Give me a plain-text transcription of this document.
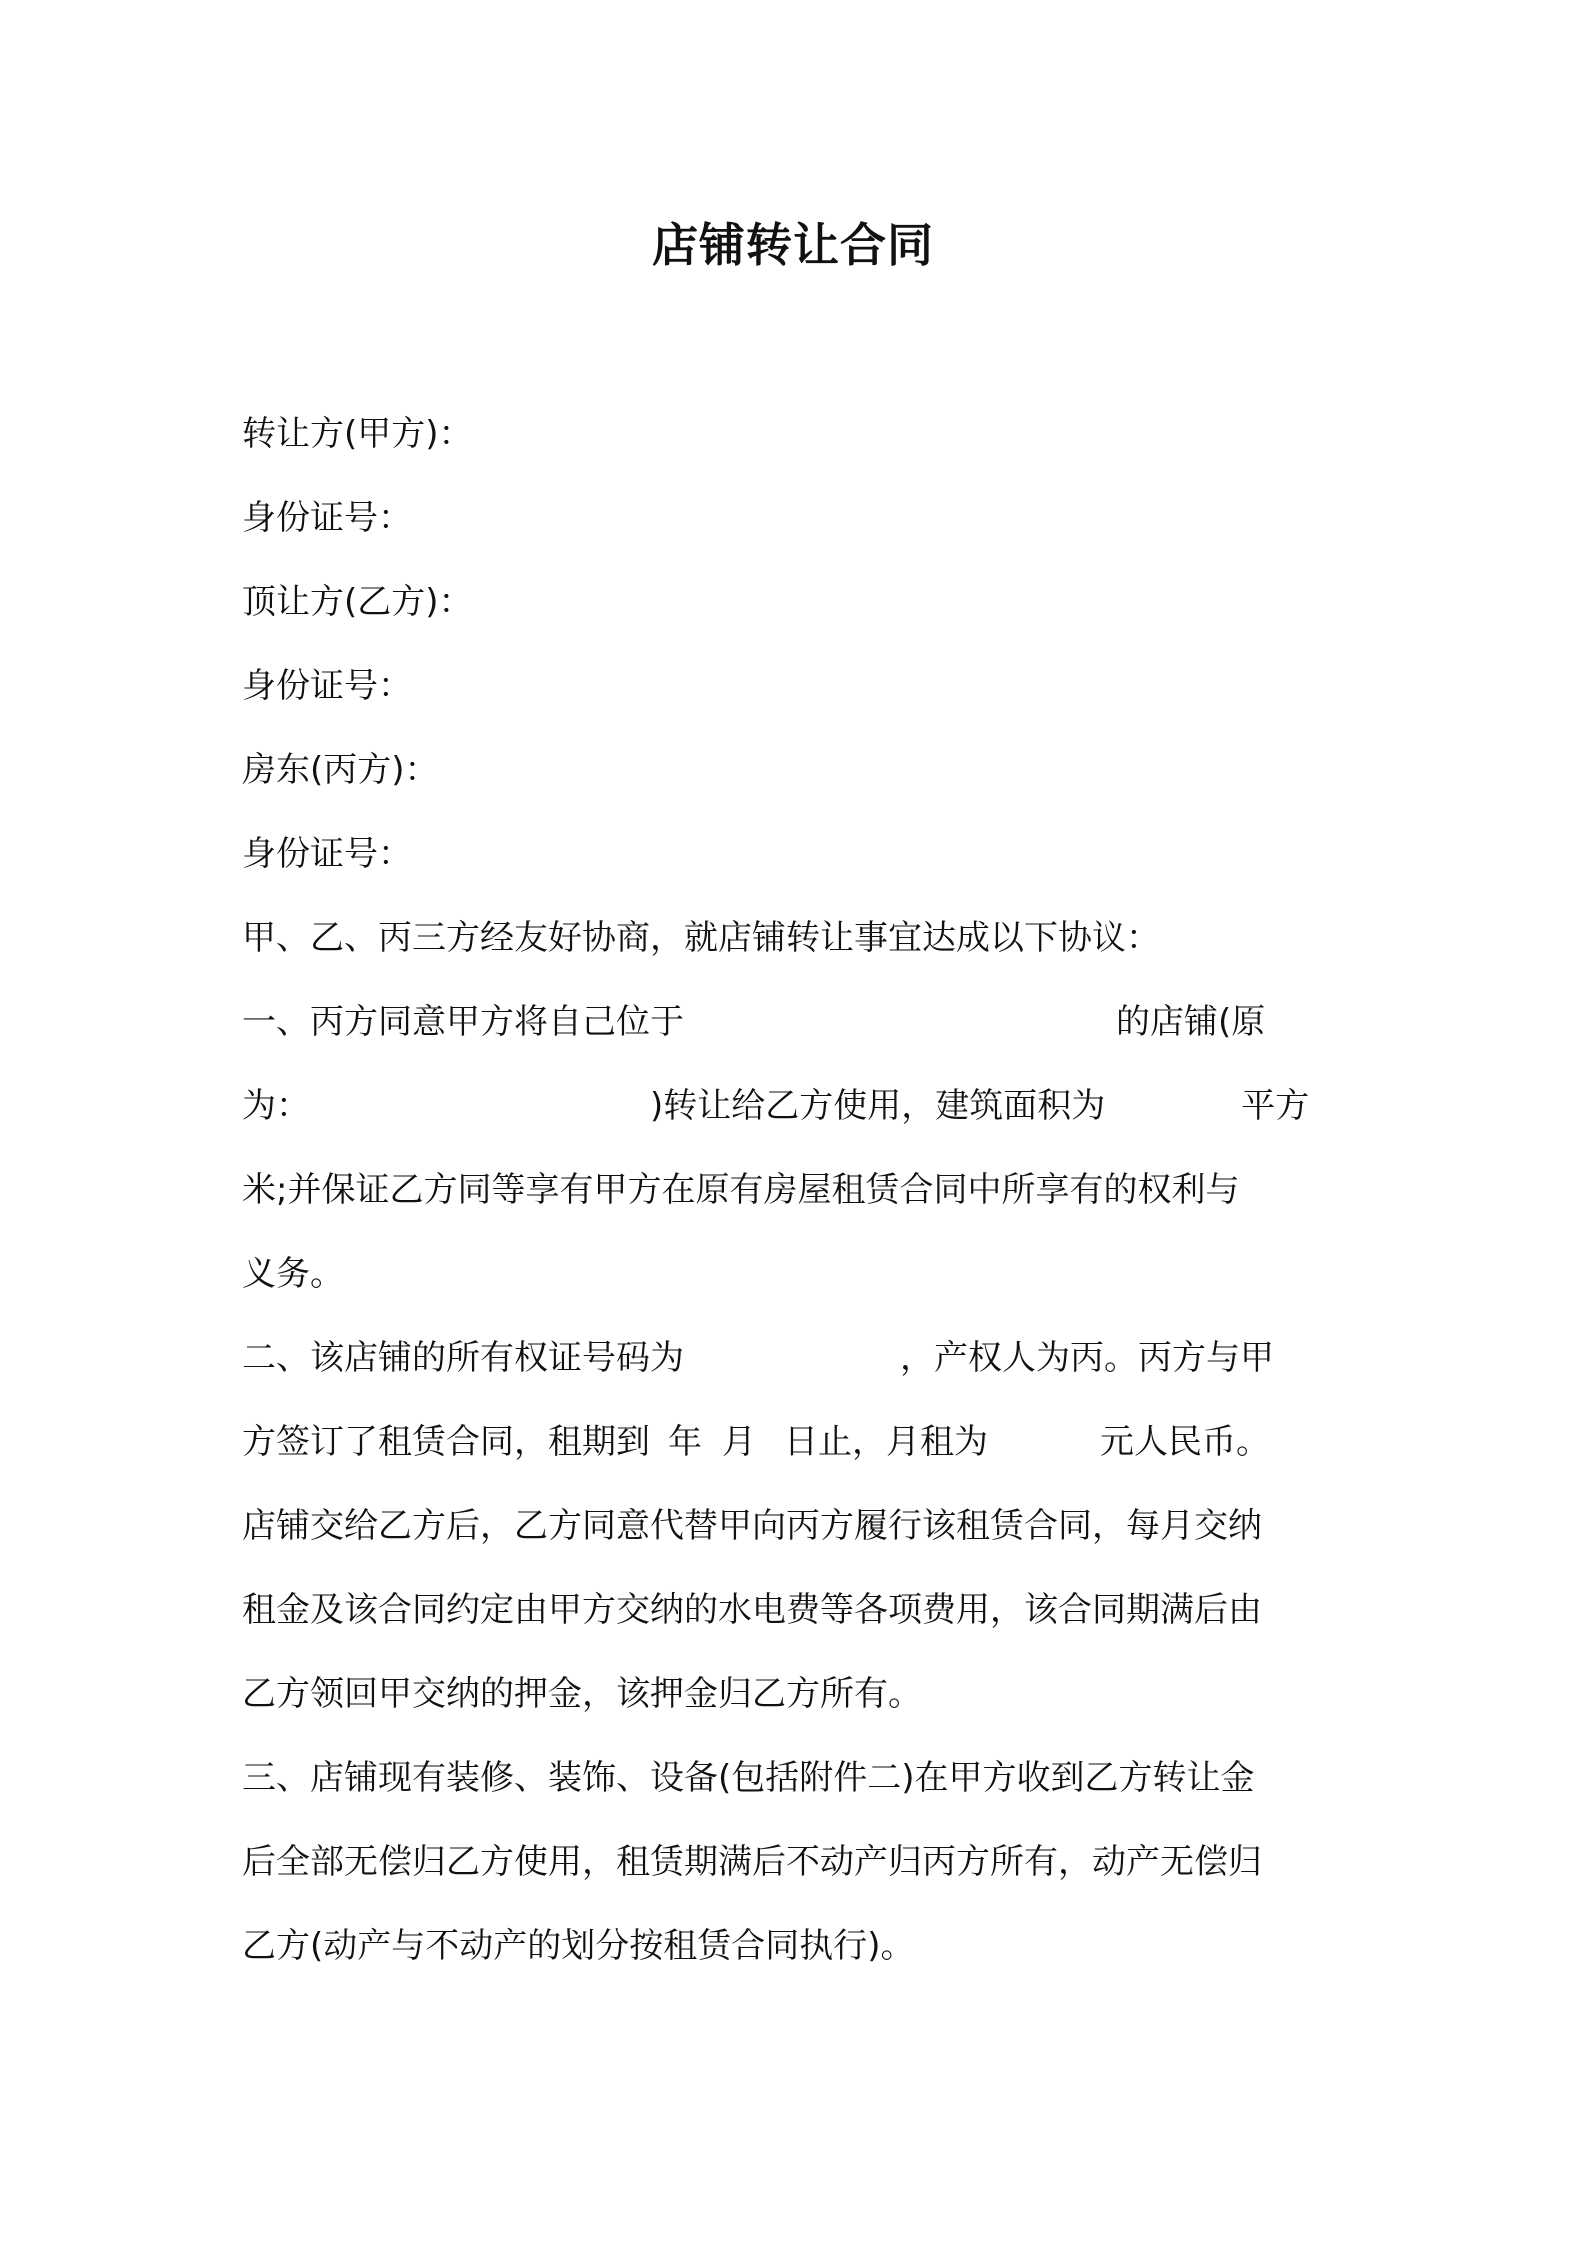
店铺转让合同
转让方(甲方)：
身份证号：
顶让方(乙方)：
身份证号：
房东(丙方)：
身份证号：
甲、乙、丙三方经友好协商，就店铺转让事宜达成以下协议：
一、丙方同意甲方将自己位于	的店铺(原
为：	)转让给乙方使用，建筑面积为	平方
米;并保证乙方同等享有甲方在原有房屋租赁合同中所享有的权利与
义务。
二、该店铺的所有权证号码为	，产权人为丙。丙方与甲
方签订了租赁合同，租期到 年 月 日止，月租为	元人民币。
店铺交给乙方后，乙方同意代替甲向丙方履行该租赁合同，每月交纳
租金及该合同约定由甲方交纳的水电费等各项费用，该合同期满后由
乙方领回甲交纳的押金，该押金归乙方所有。
三、店铺现有装修、装饰、设备(包括附件二)在甲方收到乙方转让金
后全部无偿归乙方使用，租赁期满后不动产归丙方所有，动产无偿归
乙方(动产与不动产的划分按租赁合同执行)。
